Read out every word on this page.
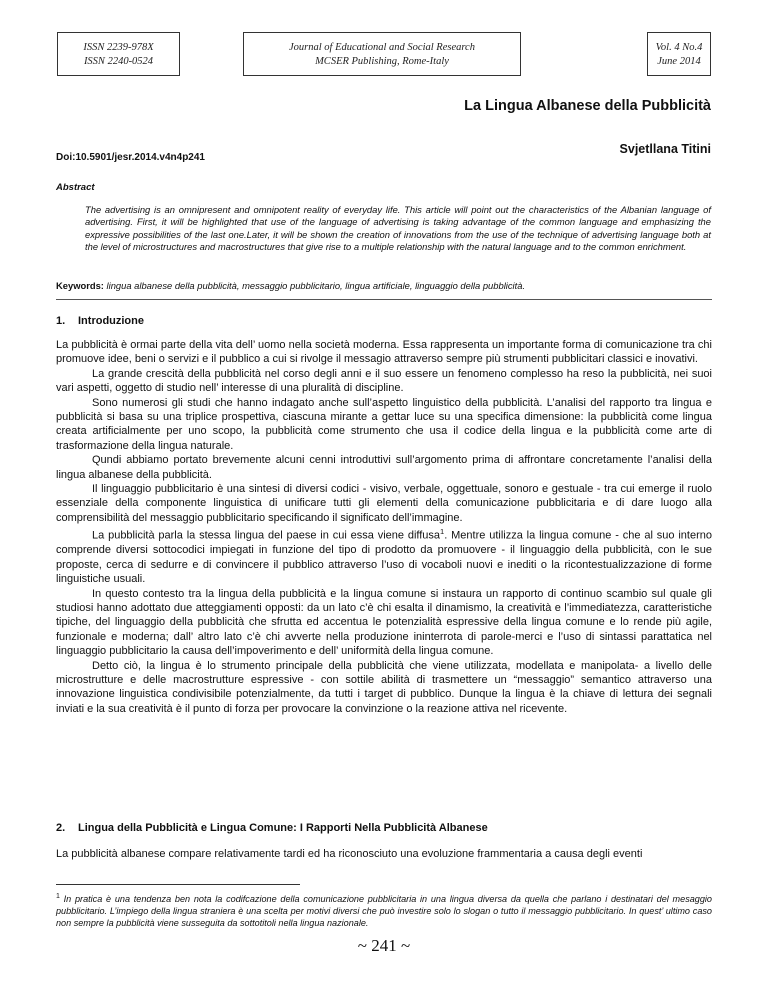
ISSN 2239-978X
ISSN 2240-0524
Journal of Educational and Social Research
MCSER Publishing, Rome-Italy
Vol. 4 No.4
June 2014
La Lingua Albanese della Pubblicità
Svjetllana Titini
Doi:10.5901/jesr.2014.v4n4p241
Abstract

The advertising is an omnipresent and omnipotent reality of everyday life. This article will point out the characteristics of the Albanian language of advertising. First, it will be highlighted that use of the language of advertising is taking advantage of the common language and emphasizing the expressive possibilities of the last one.Later, it will be shown the creation of innovations from the use of the technique of advertising language both at the level of microstructures and macrostructures that give rise to a multiple relationship with the natural language and to the common enrichment.

Keywords: lingua albanese della pubblicità, messaggio pubblicitario, lingua artificiale, linguaggio della pubblicità.

1. Introduzione

La pubblicità è ormai parte della vita dell’ uomo nella società moderna. Essa rappresenta un importante forma di comunicazione tra chi promuove idee, beni o servizi e il pubblico a cui si rivolge il messagio attraverso sempre più strumenti pubblicitari classici e inovativi.

La grande crescità della pubblicità nel corso degli anni e il suo essere un fenomeno complesso ha reso la pubblicità, nei suoi vari aspetti, oggetto di studio nell’ interesse di una pluralità di discipline.

Sono numerosi gli studi che hanno indagato anche sull’aspetto linguistico della pubblicità. L’analisi del rapporto tra lingua e pubblicità si basa su una triplice prospettiva, ciascuna mirante a gettar luce su una specifica dimensione: la pubblicità come lingua creata artificialmente per uno scopo, la pubblicità come strumento che usa il codice della lingua e la pubblicità come arte di trasformazione della lingua naturale.

Qundi abbiamo portato brevemente alcuni cenni introduttivi sull’argomento prima di affrontare concretamente l’analisi della lingua albanese della pubblicità.

Il linguaggio pubblicitario è una sintesi di diversi codici - visivo, verbale, oggettuale, sonoro e gestuale - tra cui emerge il ruolo essenziale della componente linguistica di unificare tutti gli elementi della comunicazione pubblicitaria e di dare luogo alla comprensibilità del messaggio pubblicitario specificando il significato dell’immagine.

La pubblicità parla la stessa lingua del paese in cui essa viene diffusa$^1$. Mentre utilizza la lingua comune - che al suo interno comprende diversi sottocodici impiegati in funzione del tipo di prodotto da promuovere - il linguaggio della pubblicità, con le sue proposte, cerca di sedurre e di convincere il pubblico attraverso l’uso di vocaboli nuovi e inediti o la ricontestualizzazione di forme linguistiche usuali.

In questo contesto tra la lingua della pubblicità e la lingua comune si instaura un rapporto di continuo scambio sul quale gli studiosi hanno adottato due atteggiamenti opposti: da un lato c’è chi esalta il dinamismo, la creatività e l’immediatezza, caratteristiche tipiche, del linguaggio della pubblicità che sfrutta ed accentua le potenzialità espressive della lingua comune e lo rende più agile, funzionale e moderna; dall’ altro lato c’è chi avverte nella produzione ininterrota di parole-merci e l’uso di sintassi parattatica nel linguaggio pubblicitario la causa dell’impoverimento e dell’ uniformità della lingua comune.

Detto ciò, la lingua è lo strumento principale della pubblicità che viene utilizzata, modellata e manipolata- a livello delle microstrutture e delle macrostrutture espressive - con sottile abilità di trasmettere un “messaggio” semantico attraverso una innovazione linguistica condivisibile potenzialmente, da tutti i target di pubblico. Dunque la lingua è la chiave di lettura dei segnali inviati e la sua creatività è il punto di forza per provocare la convinzione o la reazione attiva nel ricevente.

2. Lingua della Pubblicità e Lingua Comune: I Rapporti Nella Pubblicità Albanese

La pubblicità albanese compare relativamente tardi ed ha riconosciuto una evoluzione frammentaria a causa degli eventi

$^1$ In pratica è una tendenza ben nota la codifcazione della comunicazione pubblicitaria in una lingua diversa da quella che parlano i destinatari del mesaggio pubblicitario. L’impiego della lingua straniera è una scelta per motivi diversi che può investire solo lo slogan o tutto il messaggio pubblicitario. In quest’ ultimo caso non sempre la pubblicità viene susseguita da sottotitoli nella lingua nazionale.

~ 241 ~
